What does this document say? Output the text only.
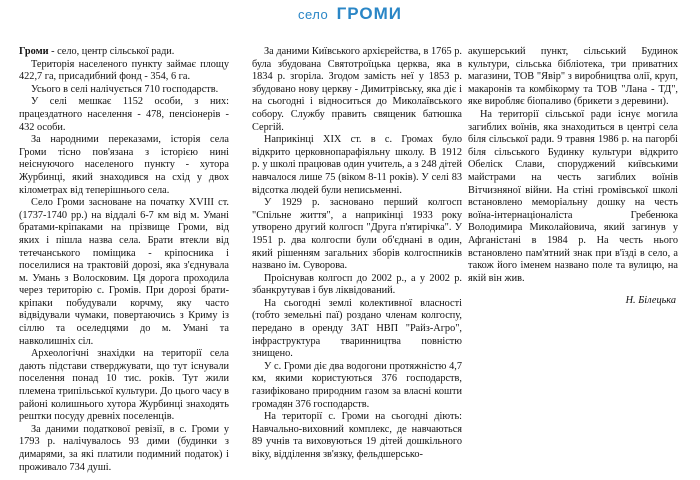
село ГРОМИ

Громи - село, центр сільської ради.

Територія населеного пункту займає площу 422,7 га, присадибний фонд - 354, 6 га.

Усього в селі налічується 710 господарств.

У селі мешкає 1152 особи, з них: працездатного населення - 478, пенсіонерів - 432 особи.

За народними переказами, історія села Громи тісно пов'язана з історією нині неіснуючого населеного пункту - хутора Журбинці, який знаходився на схід у двох кілометрах від теперішнього села.

Село Громи засноване на початку XVIII ст. (1737-1740 рр.) на віддалі 6-7 км від м. Умані братами-кріпаками на прізвище Громи, від яких і пішла назва села. Брати втекли від тетечанського поміщика - кріпосника і поселилися на трактовій дорозі, яка з'єднувала м. Умань з Волосковим. Ця дорога проходила через територію с. Громів. При дорозі брати-кріпаки побудували корчму, яку часто відвідували чумаки, повертаючись з Криму із сіллю та оселедцями до м. Умані та навколишніх сіл.

Археологічні знахідки на території села дають підстави стверджувати, що тут існували поселення понад 10 тис. років. Тут жили племена трипільської культури. До цього часу в районі колишнього хутора Журбинці знаходять рештки посуду древніх поселенців.

За даними податкової ревізії, в с. Громи у 1793 р. налічувалось 93 дими (будинки з димарями, за які платили подимний податок) і проживало 734 душі.

За даними Київського архієрейства, в 1765 р. була збудована Святотроїцька церква, яка в 1834 р. згоріла. Згодом замість неї у 1853 р. збудовано нову церкву - Димитрівську, яка діє і на сьогодні і відноситься до Миколаївського собору. Службу править священик батюшка Сергій.

Наприкінці XIX ст. в с. Громах було відкрито церковнопарафіяльну школу. В 1912 р. у школі працював один учитель, а з 248 дітей навчалося лише 75 (віком 8-11 років). У селі 83 відсотка людей були неписьменні.

У 1929 р. засновано перший колгосп "Спільне життя", а наприкінці 1933 року утворено другий колгосп "Друга п'ятирічка". У 1951 р. два колгоспи були об'єднані в один, який рішенням загальних зборів колгоспників названо ім. Суворова.

Проіснував колгосп до 2002 р., а у 2002 р. збанкрутував і був ліквідований.

На сьогодні землі колективної власності (тобто земельні паї) роздано членам колгоспу, передано в оренду ЗАТ НВП "Райз-Агро", інфраструктура тваринництва повністю знищено.

У с. Громи діє два водогони протяжністю 4,7 км, якими користуються 376 господарств, газифіковано природним газом за власні кошти громадян 376 господарств.

На території с. Громи на сьогодні діють: Навчально-виховний комплекс, де навчаються 89 учнів та виховуються 19 дітей дошкільного віку, відділення зв'язку, фельдшерсько-

акушерський пункт, сільський Будинок культури, сільська бібліотека, три приватних магазини, ТОВ "Явір" з виробництва олії, круп, макаронів та комбікорму та ТОВ "Лана - ТД", яке виробляє біопаливо (брикети з деревини).

На території сільської ради існує могила загиблих воїнів, яка знаходиться в центрі села біля сільської ради. 9 травня 1986 р. на пагорбі біля сільського Будинку культури відкрито Обеліск Слави, споруджений київськими майстрами на честь загиблих воїнів Вітчизняної війни. На стіні громівської школі встановлено меморіальну дошку на честь воїна-інтернаціоналіста Гребенюка Володимира Миколайовича, який загинув у Афганістані в 1984 р. На честь нього встановлено пам'ятний знак при в'їзді в село, а також його іменем названо поле та вулицю, на якій він жив.

Н. Білецька
